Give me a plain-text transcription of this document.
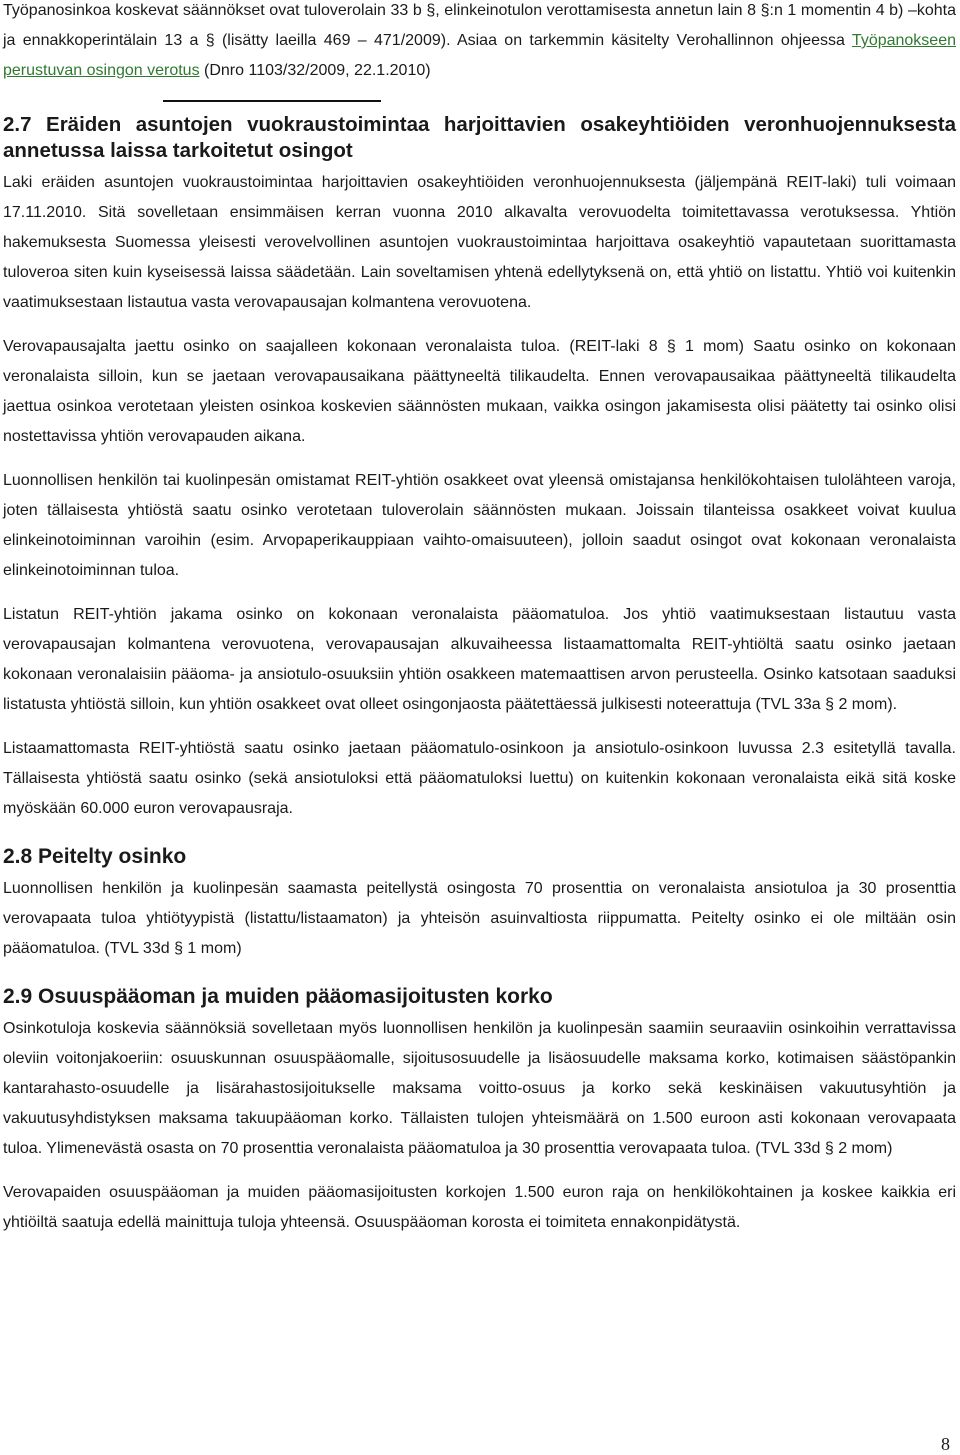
Työpanosinkoa koskevat säännökset ovat tuloverolain 33 b §, elinkeinotulon verottamisesta annetun lain 8 §:n 1 momentin 4 b) –kohta ja ennakkoperintälain 13 a § (lisätty laeilla 469 – 471/2009). Asiaa on tarkemmin käsitelty Verohallinnon ohjeessa Työpanokseen perustuvan osingon verotus (Dnro 1103/32/2009, 22.1.2010)

2.7 Eräiden asuntojen vuokraustoimintaa harjoittavien osakeyhtiöiden veronhuojennuksesta annetussa laissa tarkoitetut osingot

Laki eräiden asuntojen vuokraustoimintaa harjoittavien osakeyhtiöiden veronhuojennuksesta (jäljempänä REIT-laki) tuli voimaan 17.11.2010. Sitä sovelletaan ensimmäisen kerran vuonna 2010 alkavalta verovuodelta toimitettavassa verotuksessa. Yhtiön hakemuksesta Suomessa yleisesti verovelvollinen asuntojen vuokraustoimintaa harjoittava osakeyhtiö vapautetaan suorittamasta tuloveroa siten kuin kyseisessä laissa säädetään. Lain soveltamisen yhtenä edellytyksenä on, että yhtiö on listattu. Yhtiö voi kuitenkin vaatimuksestaan listautua vasta verovapausajan kolmantena verovuotena.

Verovapausajalta jaettu osinko on saajalleen kokonaan veronalaista tuloa. (REIT-laki 8 § 1 mom) Saatu osinko on kokonaan veronalaista silloin, kun se jaetaan verovapausaikana päättyneeltä tilikaudelta. Ennen verovapausaikaa päättyneeltä tilikaudelta jaettua osinkoa verotetaan yleisten osinkoa koskevien säännösten mukaan, vaikka osingon jakamisesta olisi päätetty tai osinko olisi nostettavissa yhtiön verovapauden aikana.

Luonnollisen henkilön tai kuolinpesän omistamat REIT-yhtiön osakkeet ovat yleensä omistajansa henkilökohtaisen tulolähteen varoja, joten tällaisesta yhtiöstä saatu osinko verotetaan tuloverolain säännösten mukaan. Joissain tilanteissa osakkeet voivat kuulua elinkeinotoiminnan varoihin (esim. Arvopaperikauppiaan vaihto-omaisuuteen), jolloin saadut osingot ovat kokonaan veronalaista elinkeinotoiminnan tuloa.

Listatun REIT-yhtiön jakama osinko on kokonaan veronalaista pääomatuloa. Jos yhtiö vaatimuksestaan listautuu vasta verovapausajan kolmantena verovuotena, verovapausajan alkuvaiheessa listaamattomalta REIT-yhtiöltä saatu osinko jaetaan kokonaan veronalaisiin pääoma- ja ansiotulo-osuuksiin yhtiön osakkeen matemaattisen arvon perusteella. Osinko katsotaan saaduksi listatusta yhtiöstä silloin, kun yhtiön osakkeet ovat olleet osingonjaosta päätettäessä julkisesti noteerattuja (TVL 33a § 2 mom).

Listaamattomasta REIT-yhtiöstä saatu osinko jaetaan pääomatulo-osinkoon ja ansiotulo-osinkoon luvussa 2.3 esitetyllä tavalla. Tällaisesta yhtiöstä saatu osinko (sekä ansiotuloksi että pääomatuloksi luettu) on kuitenkin kokonaan veronalaista eikä sitä koske myöskään 60.000 euron verovapausraja.

2.8 Peitelty osinko

Luonnollisen henkilön ja kuolinpesän saamasta peitellystä osingosta 70 prosenttia on veronalaista ansiotuloa ja 30 prosenttia verovapaata tuloa yhtiötyypistä (listattu/listaamaton) ja yhteisön asuinvaltiosta riippumatta. Peitelty osinko ei ole miltään osin pääomatuloa. (TVL 33d § 1 mom)

2.9 Osuuspääoman ja muiden pääomasijoitusten korko

Osinkotuloja koskevia säännöksiä sovelletaan myös luonnollisen henkilön ja kuolinpesän saamiin seuraaviin osinkoihin verrattavissa oleviin voitonjakoeriin: osuuskunnan osuuspääomalle, sijoitusosuudelle ja lisäosuudelle maksama korko, kotimaisen säästöpankin kantarahasto-osuudelle ja lisärahastosijoitukselle maksama voitto-osuus ja korko sekä keskinäisen vakuutusyhtiön ja vakuutusyhdistyksen maksama takuupääoman korko. Tällaisten tulojen yhteismäärä on 1.500 euroon asti kokonaan verovapaata tuloa. Ylimenevästä osasta on 70 prosenttia veronalaista pääomatuloa ja 30 prosenttia verovapaata tuloa. (TVL 33d § 2 mom)

Verovapaiden osuuspääoman ja muiden pääomasijoitusten korkojen 1.500 euron raja on henkilökohtainen ja koskee kaikkia eri yhtiöiltä saatuja edellä mainittuja tuloja yhteensä. Osuuspääoman korosta ei toimiteta ennakonpidätystä.

8
